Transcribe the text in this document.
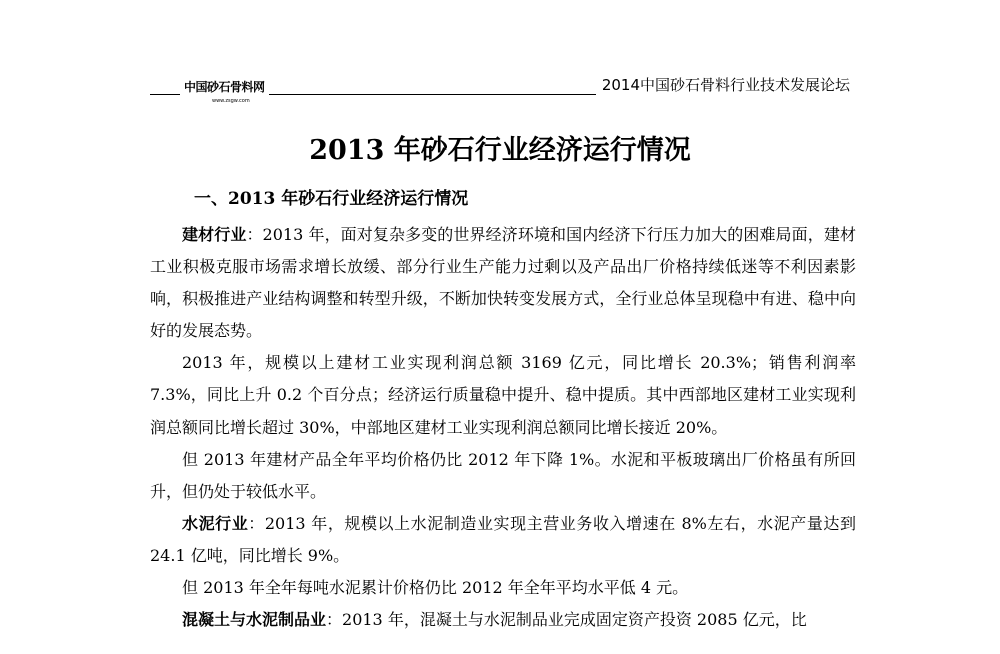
中国砂石骨料网
www.zsgw.com
2014中国砂石骨料行业技术发展论坛
2013 年砂石行业经济运行情况
一、2013 年砂石行业经济运行情况

建材行业：2013 年，面对复杂多变的世界经济环境和国内经济下行压力加大的困难局面，建材工业积极克服市场需求增长放缓、部分行业生产能力过剩以及产品出厂价格持续低迷等不利因素影响，积极推进产业结构调整和转型升级，不断加快转变发展方式，全行业总体呈现稳中有进、稳中向好的发展态势。

2013 年，规模以上建材工业实现利润总额 3169 亿元，同比增长 20.3%；销售利润率 7.3%，同比上升 0.2 个百分点；经济运行质量稳中提升、稳中提质。其中西部地区建材工业实现利润总额同比增长超过 30%，中部地区建材工业实现利润总额同比增长接近 20%。

但 2013 年建材产品全年平均价格仍比 2012 年下降 1%。水泥和平板玻璃出厂价格虽有所回升，但仍处于较低水平。

水泥行业：2013 年，规模以上水泥制造业实现主营业务收入增速在 8%左右，水泥产量达到 24.1 亿吨，同比增长 9%。

但 2013 年全年每吨水泥累计价格仍比 2012 年全年平均水平低 4 元。

混凝土与水泥制品业：2013 年，混凝土与水泥制品业完成固定资产投资 2085 亿元，比
